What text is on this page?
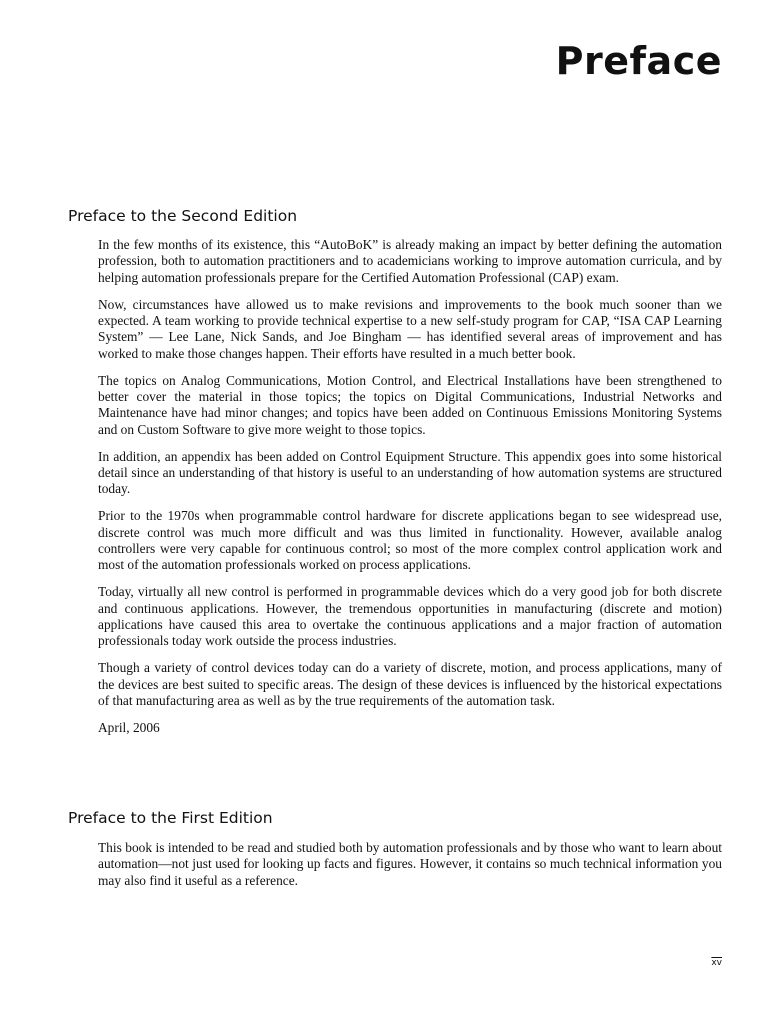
Preface
Preface to the Second Edition

In the few months of its existence, this “AutoBoK” is already making an impact by better defining the automation profession, both to automation practitioners and to academicians working to improve automation curricula, and by helping automation professionals prepare for the Certified Automation Professional (CAP) exam.

Now, circumstances have allowed us to make revisions and improvements to the book much sooner than we expected. A team working to provide technical expertise to a new self-study program for CAP, “ISA CAP Learning System” — Lee Lane, Nick Sands, and Joe Bingham — has identified several areas of improvement and has worked to make those changes happen. Their efforts have resulted in a much better book.

The topics on Analog Communications, Motion Control, and Electrical Installations have been strengthened to better cover the material in those topics; the topics on Digital Communications, Industrial Networks and Maintenance have had minor changes; and topics have been added on Continuous Emissions Monitoring Systems and on Custom Software to give more weight to those topics.

In addition, an appendix has been added on Control Equipment Structure. This appendix goes into some historical detail since an understanding of that history is useful to an understanding of how automation systems are structured today.

Prior to the 1970s when programmable control hardware for discrete applications began to see widespread use, discrete control was much more difficult and was thus limited in functionality. However, available analog controllers were very capable for continuous control; so most of the more complex control application work and most of the automation professionals worked on process applications.

Today, virtually all new control is performed in programmable devices which do a very good job for both discrete and continuous applications. However, the tremendous opportunities in manufacturing (discrete and motion) applications have caused this area to overtake the continuous applications and a major fraction of automation professionals today work outside the process industries.

Though a variety of control devices today can do a variety of discrete, motion, and process applications, many of the devices are best suited to specific areas. The design of these devices is influenced by the historical expectations of that manufacturing area as well as by the true requirements of the automation task.

April, 2006

Preface to the First Edition

This book is intended to be read and studied both by automation professionals and by those who want to learn about automation—not just used for looking up facts and figures. However, it contains so much technical information you may also find it useful as a reference.

$\overline{xv}$
